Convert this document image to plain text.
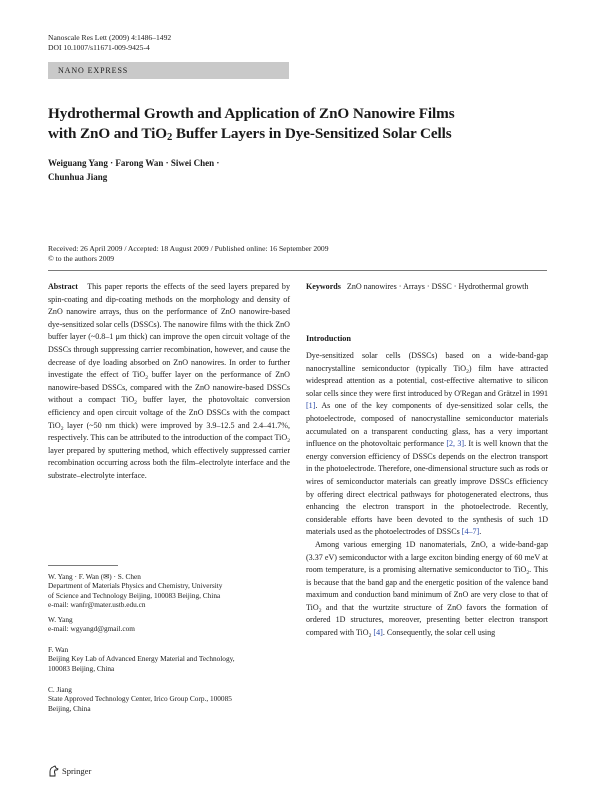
Nanoscale Res Lett (2009) 4:1486–1492
DOI 10.1007/s11671-009-9425-4
NANO EXPRESS
Hydrothermal Growth and Application of ZnO Nanowire Films
with ZnO and TiO$_2$ Buffer Layers in Dye-Sensitized Solar Cells
Weiguang Yang · Farong Wan · Siwei Chen ·
Chunhua Jiang
Received: 26 April 2009 / Accepted: 18 August 2009 / Published online: 16 September 2009
© to the authors 2009
Abstract This paper reports the effects of the seed layers prepared by spin-coating and dip-coating methods on the morphology and density of ZnO nanowire arrays, thus on the performance of ZnO nanowire-based dye-sensitized solar cells (DSSCs). The nanowire films with the thick ZnO buffer layer (~0.8–1 μm thick) can improve the open circuit voltage of the DSSCs through suppressing carrier recombination, however, and cause the decrease of dye loading absorbed on ZnO nanowires. In order to further investigate the effect of TiO$_2$ buffer layer on the performance of ZnO nanowire-based DSSCs, compared with the ZnO nanowire-based DSSCs without a compact TiO$_2$ buffer layer, the photovoltaic conversion efficiency and open circuit voltage of the ZnO DSSCs with the compact TiO$_2$ layer (~50 nm thick) were improved by 3.9–12.5 and 2.4–41.7%, respectively. This can be attributed to the introduction of the compact TiO$_2$ layer prepared by sputtering method, which effectively suppressed carrier recombination occurring across both the film–electrolyte interface and the substrate–electrolyte interface.
W. Yang · F. Wan (✉) · S. Chen
Department of Materials Physics and Chemistry, University
of Science and Technology Beijing, 100083 Beijing, China
e-mail: wanfr@mater.ustb.edu.cn
W. Yang
e-mail: wgyangd@gmail.com
F. Wan
Beijing Key Lab of Advanced Energy Material and Technology,
100083 Beijing, China
C. Jiang
State Approved Technology Center, Irico Group Corp., 100085
Beijing, China
Keywords ZnO nanowires · Arrays · DSSC · Hydrothermal growth
Introduction

Dye-sensitized solar cells (DSSCs) based on a wide-band-gap nanocrystalline semiconductor (typically TiO$_2$) film have attracted widespread attention as a potential, cost-effective alternative to silicon solar cells since they were first introduced by O'Regan and Grätzel in 1991 [1]. As one of the key components of dye-sensitized solar cells, the photoelectrode, composed of nanocrystalline semiconductor materials accumulated on a transparent conducting glass, has a very important influence on the photovoltaic performance [2, 3]. It is well known that the energy conversion efficiency of DSSCs depends on the electron transport in the photoelectrode. Therefore, one-dimensional structure such as rods or wires of semiconductor materials can greatly improve DSSCs efficiency by offering direct electrical pathways for photogenerated electrons, thus enhancing the electron transport in the photoelectrode. Recently, considerable efforts have been devoted to the synthesis of such 1D materials used as the photoelectrodes of DSSCs [4–7].

Among various emerging 1D nanomaterials, ZnO, a wide-band-gap (3.37 eV) semiconductor with a large exciton binding energy of 60 meV at room temperature, is a promising alternative semiconductor to TiO$_2$. This is because that the band gap and the energetic position of the valence band maximum and conduction band minimum of ZnO are very close to that of TiO$_2$ and that the wurtzite structure of ZnO favors the formation of ordered 1D structures, moreover, presenting better electron transport compared with TiO$_2$ [4]. Consequently, the solar cell using

Springer
